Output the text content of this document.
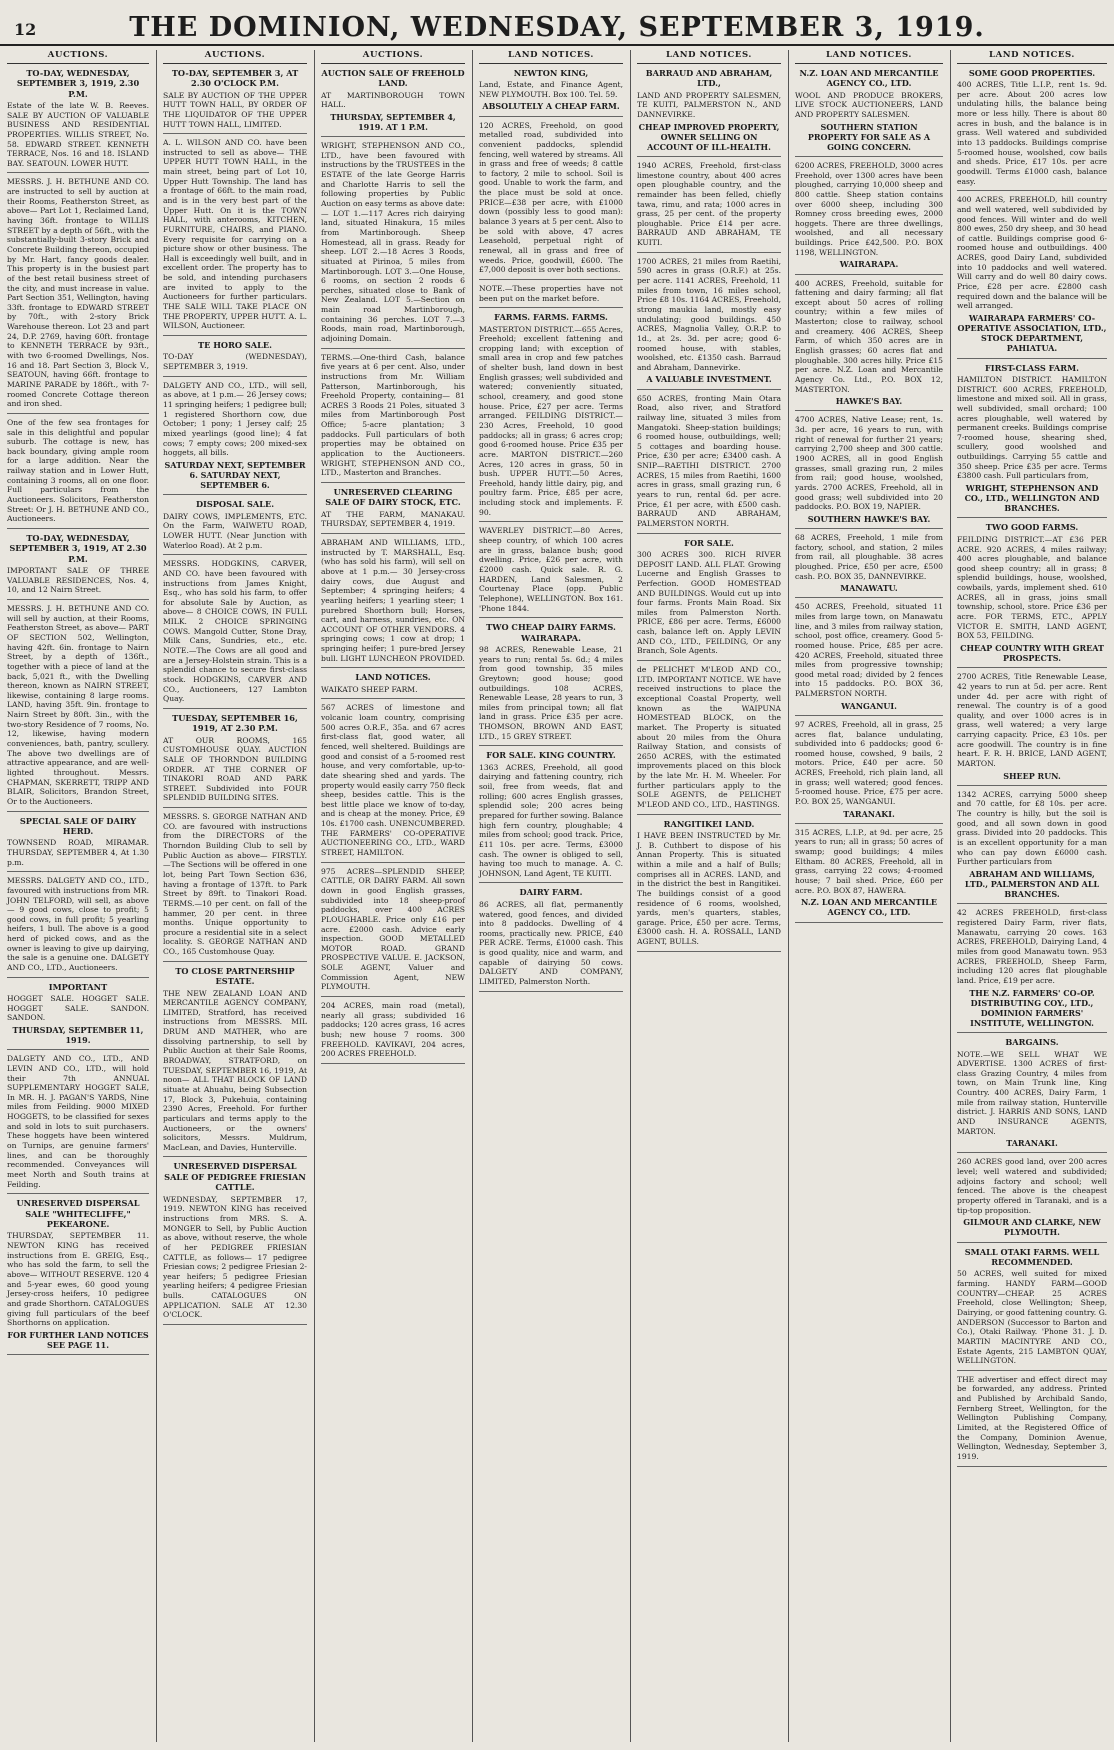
12	THE DOMINION, WEDNESDAY, SEPTEMBER 3, 1919.
AUCTIONS.
TO-DAY, WEDNESDAY, SEPTEMBER 3, 1919, 2.30 P.M.
Estate of the late W. B. Reeves. SALE BY AUCTION OF VALUABLE BUSINESS AND RESIDENTIAL PROPERTIES. WILLIS STREET, No. 58. EDWARD STREET. KENNETH TERRACE, Nos. 16 and 18. ISLAND BAY. SEATOUN. LOWER HUTT.
MESSRS. J. H. BETHUNE AND CO. are instructed to sell by auction at their Rooms, Featherston Street, as above— Part Lot 1, Reclaimed Land, having 36ft. frontage to WILLIS STREET by a depth of 56ft., with the substantially-built 3-story Brick and Concrete Building thereon, occupied by Mr. Hart, fancy goods dealer. This property is in the busiest part of the best retail business street of the city, and must increase in value. Part Section 351, Wellington, having 33ft. frontage to EDWARD STREET by 70ft., with 2-story Brick Warehouse thereon. Lot 23 and part 24, D.P. 2769, having 60ft. frontage to KENNETH TERRACE by 93ft., with two 6-roomed Dwellings, Nos. 16 and 18. Part Section 3, Block V., SEATOUN, having 66ft. frontage to MARINE PARADE by 186ft., with 7-roomed Concrete Cottage thereon and iron shed.
One of the few sea frontages for sale in this delightful and popular suburb. The cottage is new, has back boundary, giving ample room for a large addition. Near the railway station and in Lower Hutt, containing 3 rooms, all on one floor. Full particulars from the Auctioneers. Solicitors, Featherston Street: Or J. H. BETHUNE AND CO., Auctioneers.
TO-DAY, WEDNESDAY, SEPTEMBER 3, 1919, AT 2.30 P.M.
IMPORTANT SALE OF THREE VALUABLE RESIDENCES, Nos. 4, 10, and 12 Nairn Street.
MESSRS. J. H. BETHUNE AND CO. will sell by auction, at their Rooms, Featherston Street, as above— PART OF SECTION 502, Wellington, having 42ft. 6in. frontage to Nairn Street, by a depth of 136ft., together with a piece of land at the back, 5,021 ft., with the Dwelling thereon, known as NAIRN STREET, likewise, containing 8 large rooms. LAND, having 35ft. 9in. frontage to Nairn Street by 80ft. 3in., with the two-story Residence of 7 rooms, No. 12, likewise, having modern conveniences, bath, pantry, scullery. The above two dwellings are of attractive appearance, and are well-lighted throughout. Messrs. CHAPMAN, SKERRETT, TRIPP AND BLAIR, Solicitors, Brandon Street, Or to the Auctioneers.
SPECIAL SALE OF DAIRY HERD.
TOWNSEND ROAD, MIRAMAR. THURSDAY, SEPTEMBER 4, At 1.30 p.m.
MESSRS. DALGETY AND CO., LTD., favoured with instructions from MR. JOHN TELFORD, will sell, as above— 9 good cows, close to profit; 5 good cows, in full profit; 5 yearling heifers, 1 bull. The above is a good herd of picked cows, and as the owner is leaving to give up dairying, the sale is a genuine one. DALGETY AND CO., LTD., Auctioneers.
IMPORTANT
HOGGET SALE. HOGGET SALE. HOGGET SALE. SANDON. SANDON.
THURSDAY, SEPTEMBER 11, 1919.
DALGETY AND CO., LTD., AND LEVIN AND CO., LTD., will hold their 7th ANNUAL SUPPLEMENTARY HOGGET SALE, In MR. H. J. PAGAN'S YARDS, Nine miles from Feilding. 9000 MIXED HOGGETS, to be classified for sexes and sold in lots to suit purchasers. These hoggets have been wintered on Turnips, are genuine farmers' lines, and can be thoroughly recommended. Conveyances will meet North and South trains at Feilding.
UNRESERVED DISPERSAL SALE "WHITECLIFFE," PEKEARONE.
THURSDAY, SEPTEMBER 11. NEWTON KING has received instructions from E. GREIG, Esq., who has sold the farm, to sell the above— WITHOUT RESERVE. 120 4 and 5-year ewes, 60 good young Jersey-cross heifers, 10 pedigree and grade Shorthorn. CATALOGUES giving full particulars of the beef Shorthorns on application.
FOR FURTHER LAND NOTICES SEE PAGE 11.
AUCTIONS.
TO-DAY, SEPTEMBER 3, AT 2.30 O'CLOCK P.M.
SALE BY AUCTION OF THE UPPER HUTT TOWN HALL, BY ORDER OF THE LIQUIDATOR OF THE UPPER HUTT TOWN HALL, LIMITED.
A. L. WILSON AND CO. have been instructed to sell as above— THE UPPER HUTT TOWN HALL, in the main street, being part of Lot 10, Upper Hutt Township. The land has a frontage of 66ft. to the main road, and is in the very best part of the Upper Hutt. On it is the TOWN HALL, with anterooms, KITCHEN, FURNITURE, CHAIRS, and PIANO. Every requisite for carrying on a picture show or other business. The Hall is exceedingly well built, and in excellent order. The property has to be sold, and intending purchasers are invited to apply to the Auctioneers for further particulars. THE SALE WILL TAKE PLACE ON THE PROPERTY, UPPER HUTT. A. L. WILSON, Auctioneer.
TE HORO SALE.
TO-DAY (WEDNESDAY), SEPTEMBER 3, 1919.
DALGETY AND CO., LTD., will sell, as above, at 1 p.m.— 26 Jersey cows; 11 springing heifers; 1 pedigree bull; 1 registered Shorthorn cow, due October; 1 pony; 1 Jersey calf; 25 mixed yearlings (good line); 4 fat cows; 7 empty cows; 200 mixed-sex hoggets, all bills.
SATURDAY NEXT, SEPTEMBER 6. SATURDAY NEXT, SEPTEMBER 6.
DISPOSAL SALE.
DAIRY COWS, IMPLEMENTS, ETC. On the Farm, WAIWETU ROAD, LOWER HUTT. (Near Junction with Waterloo Road). At 2 p.m.
MESSRS. HODGKINS, CARVER, AND CO. have been favoured with instructions from James Knight, Esq., who has sold his farm, to offer for absolute Sale by Auction, as above— 8 CHOICE COWS, IN FULL MILK. 2 CHOICE SPRINGING COWS. Mangold Cutter, Stone Dray, Milk Cans, Sundries, etc., etc. NOTE.—The Cows are all good and are a Jersey-Holstein strain. This is a splendid chance to secure first-class stock. HODGKINS, CARVER AND CO., Auctioneers, 127 Lambton Quay.
TUESDAY, SEPTEMBER 16, 1919, AT 2.30 P.M.
AT OUR ROOMS, 165 CUSTOMHOUSE QUAY. AUCTION SALE OF THORNDON BUILDING ORDER. AT THE CORNER OF TINAKORI ROAD AND PARK STREET. Subdivided into FOUR SPLENDID BUILDING SITES.
MESSRS. S. GEORGE NATHAN AND CO. are favoured with instructions from the DIRECTORS of the Thorndon Building Club to sell by Public Auction as above— FIRSTLY.—The Sections will be offered in one lot, being Part Town Section 636, having a frontage of 137ft. to Park Street by 89ft. to Tinakori Road. TERMS.—10 per cent. on fall of the hammer, 20 per cent. in three months. Unique opportunity to procure a residential site in a select locality. S. GEORGE NATHAN AND CO., 165 Customhouse Quay.
TO CLOSE PARTNERSHIP ESTATE.
THE NEW ZEALAND LOAN AND MERCANTILE AGENCY COMPANY, LIMITED, Stratford, has received instructions from MESSRS. MIL DRUM AND MATHER, who are dissolving partnership, to sell by Public Auction at their Sale Rooms, BROADWAY, STRATFORD, on TUESDAY, SEPTEMBER 16, 1919, At noon— ALL THAT BLOCK OF LAND situate at Ahuahu, being Subsection 17, Block 3, Pukehuia, containing 2390 Acres, Freehold. For further particulars and terms apply to the Auctioneers, or the owners' solicitors, Messrs. Muldrum, MacLean, and Davies, Hunterville.
UNRESERVED DISPERSAL SALE OF PEDIGREE FRIESIAN CATTLE.
WEDNESDAY, SEPTEMBER 17, 1919. NEWTON KING has received instructions from MRS. S. A. MONGER to Sell, by Public Auction as above, without reserve, the whole of her PEDIGREE FRIESIAN CATTLE, as follows— 17 pedigree Friesian cows; 2 pedigree Friesian 2-year heifers; 5 pedigree Friesian yearling heifers; 4 pedigree Friesian bulls. CATALOGUES ON APPLICATION. SALE AT 12.30 O'CLOCK.
AUCTIONS.
AUCTION SALE OF FREEHOLD LAND.
AT MARTINBOROUGH TOWN HALL.
THURSDAY, SEPTEMBER 4, 1919. AT 1 P.M.
WRIGHT, STEPHENSON AND CO., LTD., have been favoured with instructions by the TRUSTEES in the ESTATE of the late George Harris and Charlotte Harris to sell the following properties by Public Auction on easy terms as above date:— LOT 1.—117 Acres rich dairying land, situated Hinakura, 15 miles from Martinborough. Sheep Homestead, all in grass. Ready for sheep. LOT 2.—18 Acres 3 Roods, situated at Pirinoa, 5 miles from Martinborough. LOT 3.—One House, 6 rooms, on section 2 roods 6 perches, situated close to Bank of New Zealand. LOT 5.—Section on main road Martinborough, containing 36 perches. LOT 7.—3 Roods, main road, Martinborough, adjoining Domain.
TERMS.—One-third Cash, balance five years at 6 per cent. Also, under instructions from Mr. William Patterson, Martinborough, his Freehold Property, containing— 81 ACRES 3 Roods 21 Poles, situated 3 miles from Martinborough Post Office; 5-acre plantation; 3 paddocks. Full particulars of both properties may be obtained on application to the Auctioneers. WRIGHT, STEPHENSON AND CO., LTD., Masterton and Branches.
UNRESERVED CLEARING SALE OF DAIRY STOCK, ETC.
AT THE FARM, MANAKAU. THURSDAY, SEPTEMBER 4, 1919.
ABRAHAM AND WILLIAMS, LTD., instructed by T. MARSHALL, Esq. (who has sold his farm), will sell on above at 1 p.m.— 30 Jersey-cross dairy cows, due August and September; 4 springing heifers; 4 yearling heifers; 1 yearling steer; 1 purebred Shorthorn bull; Horses, cart, and harness, sundries, etc. ON ACCOUNT OF OTHER VENDORS. 4 springing cows; 1 cow at drop; 1 springing heifer; 1 pure-bred Jersey bull. LIGHT LUNCHEON PROVIDED.
LAND NOTICES.
WAIKATO SHEEP FARM.
567 ACRES of limestone and volcanic loam country, comprising 500 acres O.R.F., 35a. and 67 acres first-class flat, good water, all fenced, well sheltered. Buildings are good and consist of a 5-roomed rest house, and very comfortable, up-to-date shearing shed and yards. The property would easily carry 750 fleck sheep, besides cattle. This is the best little place we know of to-day, and is cheap at the money. Price, £9 10s. £1700 cash. UNENCUMBERED. THE FARMERS' CO-OPERATIVE AUCTIONEERING CO., LTD., WARD STREET, HAMILTON.
975 ACRES—SPLENDID SHEEP, CATTLE, OR DAIRY FARM. All sown down in good English grasses, subdivided into 18 sheep-proof paddocks, over 400 ACRES PLOUGHABLE. Price only £16 per acre. £2000 cash. Advice early inspection. GOOD METALLED MOTOR ROAD. GRAND PROSPECTIVE VALUE. E. JACKSON, SOLE AGENT, Valuer and Commission Agent, NEW PLYMOUTH.
204 ACRES, main road (metal), nearly all grass; subdivided 16 paddocks; 120 acres grass, 16 acres bush; new house 7 rooms. 300 FREEHOLD. KAVIKAVI, 204 acres, 200 ACRES FREEHOLD.
LAND NOTICES.
NEWTON KING,
Land, Estate, and Finance Agent, NEW PLYMOUTH. Box 100. Tel. 59.
ABSOLUTELY A CHEAP FARM.
120 ACRES, Freehold, on good metalled road, subdivided into convenient paddocks, splendid fencing, well watered by streams. All in grass and free of weeds; 8 cattle to factory, 2 mile to school. Soil is good. Unable to work the farm, and the place must be sold at once. PRICE—£38 per acre, with £1000 down (possibly less to good man): balance 3 years at 5 per cent. Also to be sold with above, 47 acres Leasehold, perpetual right of renewal, all in grass and free of weeds. Price, goodwill, £600. The £7,000 deposit is over both sections.
NOTE.—These properties have not been put on the market before.
FARMS. FARMS. FARMS.
MASTERTON DISTRICT.—655 Acres, Freehold; excellent fattening and cropping land; with exception of small area in crop and few patches of shelter bush, land down in best English grasses; well subdivided and watered; conveniently situated, school, creamery, and good stone house. Price, £27 per acre. Terms arranged. FEILDING DISTRICT.—230 Acres, Freehold, 10 good paddocks; all in grass; 6 acres crop; good 6-roomed house. Price £35 per acre. MARTON DISTRICT.—260 Acres, 120 acres in grass, 50 in bush. UPPER HUTT.—50 Acres, Freehold, handy little dairy, pig, and poultry farm. Price, £85 per acre, including stock and implements. F. 90.
WAVERLEY DISTRICT.—80 Acres, sheep country, of which 100 acres are in grass, balance bush; good dwelling. Price, £26 per acre, with £2000 cash. Quick sale. R. G. HARDEN, Land Salesmen, 2 Courtenay Place (opp. Public Telephone), WELLINGTON. Box 161. 'Phone 1844.
TWO CHEAP DAIRY FARMS. WAIRARAPA.
98 ACRES, Renewable Lease, 21 years to run; rental 5s. 6d.; 4 miles from good township, 35 miles Greytown; good house; good outbuildings. 108 ACRES, Renewable Lease, 28 years to run, 3 miles from principal town; all flat land in grass. Price £35 per acre. THOMSON, BROWN AND EAST, LTD., 15 GREY STREET.
FOR SALE. KING COUNTRY.
1363 ACRES, Freehold, all good dairying and fattening country, rich soil, free from weeds, flat and rolling; 600 acres English grasses, splendid sole; 200 acres being prepared for further sowing. Balance high fern country, ploughable; 4 miles from school; good track. Price, £11 10s. per acre. Terms, £3000 cash. The owner is obliged to sell, having too much to manage. A. C. JOHNSON, Land Agent, TE KUITI.
DAIRY FARM.
86 ACRES, all flat, permanently watered, good fences, and divided into 8 paddocks. Dwelling of 4 rooms, practically new. PRICE, £40 PER ACRE. Terms, £1000 cash. This is good quality, nice and warm, and capable of dairying 50 cows. DALGETY AND COMPANY, LIMITED, Palmerston North.
LAND NOTICES.
BARRAUD AND ABRAHAM, LTD.,
LAND AND PROPERTY SALESMEN, TE KUITI, PALMERSTON N., AND DANNEVIRKE.
CHEAP IMPROVED PROPERTY, OWNER SELLING ON ACCOUNT OF ILL-HEALTH.
1940 ACRES, Freehold, first-class limestone country, about 400 acres open ploughable country, and the remainder has been felled, chiefly tawa, rimu, and rata; 1000 acres in grass, 25 per cent. of the property ploughable. Price £14 per acre. BARRAUD AND ABRAHAM, TE KUITI.
1700 ACRES, 21 miles from Raetihi, 590 acres in grass (O.R.F.) at 25s. per acre. 1141 ACRES, Freehold, 11 miles from town, 16 miles school, Price £8 10s. 1164 ACRES, Freehold, strong maukia land, mostly easy undulating; good buildings. 450 ACRES, Magnolia Valley, O.R.P. to 1d., at 2s. 3d. per acre; good 6-roomed house, with stables, woolshed, etc. £1350 cash. Barraud and Abraham, Dannevirke.
A VALUABLE INVESTMENT.
650 ACRES, fronting Main Otara Road, also river, and Stratford railway line, situated 3 miles from Mangatoki. Sheep-station buildings; 6 roomed house, outbuildings, well; 5 cottages and boarding house. Price, £30 per acre; £3400 cash. A SNIP—RAETIHI DISTRICT. 2700 ACRES, 15 miles from Raetihi, 1600 acres in grass, small grazing run, 6 years to run, rental 6d. per acre. Price, £1 per acre, with £500 cash. BARRAUD AND ABRAHAM, PALMERSTON NORTH.
FOR SALE.
300 ACRES 300. RICH RIVER DEPOSIT LAND. ALL FLAT. Growing Lucerne and English Grasses to Perfection. GOOD HOMESTEAD AND BUILDINGS. Would cut up into four farms. Fronts Main Road. Six miles from Palmerston North. PRICE, £86 per acre. Terms, £6000 cash, balance left on. Apply LEVIN AND CO., LTD., FEILDING, Or any Branch, Sole Agents.
de PELICHET M'LEOD AND CO., LTD. IMPORTANT NOTICE. WE have received instructions to place the exceptional Coastal Property, well known as the WAIPUNA HOMESTEAD BLOCK, on the market. The Property is situated about 20 miles from the Ohura Railway Station, and consists of 2650 ACRES, with the estimated improvements placed on this block by the late Mr. H. M. Wheeler. For further particulars apply to the SOLE AGENTS, de PELICHET M'LEOD AND CO., LTD., HASTINGS.
RANGITIKEI LAND.
I HAVE BEEN INSTRUCTED by Mr. J. B. Cuthbert to dispose of his Annan Property. This is situated within a mile and a half of Bulls; comprises all in ACRES. LAND, and in the district the best in Rangitikei. The buildings consist of a good residence of 6 rooms, woolshed, yards, men's quarters, stables, garage. Price, £50 per acre. Terms, £3000 cash. H. A. ROSSALL, LAND AGENT, BULLS.
LAND NOTICES.
N.Z. LOAN AND MERCANTILE AGENCY CO., LTD.
WOOL AND PRODUCE BROKERS, LIVE STOCK AUCTIONEERS, LAND AND PROPERTY SALESMEN.
SOUTHERN STATION PROPERTY FOR SALE AS A GOING CONCERN.
6200 ACRES, FREEHOLD, 3000 acres Freehold, over 1300 acres have been ploughed, carrying 10,000 sheep and 800 cattle. Sheep station contains over 6000 sheep, including 300 Romney cross breeding ewes, 2000 hoggets. There are three dwellings, woolshed, and all necessary buildings. Price £42,500. P.O. BOX 1198, WELLINGTON.
WAIRARAPA.
400 ACRES, Freehold, suitable for fattening and dairy farming; all flat except about 50 acres of rolling country; within a few miles of Masterton; close to railway, school and creamery. 406 ACRES, Sheep Farm, of which 350 acres are in English grasses; 60 acres flat and ploughable. 300 acres hilly. Price £15 per acre. N.Z. Loan and Mercantile Agency Co. Ltd., P.O. BOX 12, MASTERTON.
HAWKE'S BAY.
4700 ACRES, Native Lease; rent, 1s. 3d. per acre, 16 years to run, with right of renewal for further 21 years; carrying 2,700 sheep and 300 cattle. 1900 ACRES, all in good English grasses, small grazing run, 2 miles from rail; good house, woolshed, yards. 2700 ACRES, Freehold, all in good grass; well subdivided into 20 paddocks. P.O. BOX 19, NAPIER.
SOUTHERN HAWKE'S BAY.
68 ACRES, Freehold, 1 mile from factory, school, and station, 2 miles from rail, all ploughable. 38 acres ploughed. Price, £50 per acre, £500 cash. P.O. BOX 35, DANNEVIRKE.
MANAWATU.
450 ACRES, Freehold, situated 11 miles from large town, on Manawatu line, and 3 miles from railway station, school, post office, creamery. Good 5-roomed house. Price, £85 per acre. 420 ACRES, Freehold, situated three miles from progressive township; good metal road; divided by 2 fences into 15 paddocks. P.O. BOX 36, PALMERSTON NORTH.
WANGANUI.
97 ACRES, Freehold, all in grass, 25 acres flat, balance undulating, subdivided into 6 paddocks; good 6-roomed house, cowshed, 9 bails, 2 motors. Price, £40 per acre. 50 ACRES, Freehold, rich plain land, all in grass; well watered; good fences. 5-roomed house. Price, £75 per acre. P.O. BOX 25, WANGANUI.
TARANAKI.
315 ACRES, L.I.P., at 9d. per acre, 25 years to run; all in grass; 50 acres of swamp; good buildings; 4 miles Eltham. 80 ACRES, Freehold, all in grass, carrying 22 cows; 4-roomed house; 7 bail shed. Price, £60 per acre. P.O. BOX 87, HAWERA.
N.Z. LOAN AND MERCANTILE AGENCY CO., LTD.
LAND NOTICES.
SOME GOOD PROPERTIES.
400 ACRES, Title L.I.P., rent 1s. 9d. per acre. About 200 acres low undulating hills, the balance being more or less hilly. There is about 80 acres in bush, and the balance is in grass. Well watered and subdivided into 13 paddocks. Buildings comprise 5-roomed house, woolshed, cow bails and sheds. Price, £17 10s. per acre goodwill. Terms £1000 cash, balance easy.
400 ACRES, FREEHOLD, hill country and well watered, well subdivided by good fences. Will winter and do well 800 ewes, 250 dry sheep, and 30 head of cattle. Buildings comprise good 6-roomed house and outbuildings. 400 ACRES, good Dairy Land, subdivided into 10 paddocks and well watered. Will carry and do well 80 dairy cows. Price, £28 per acre. £2800 cash required down and the balance will be well arranged.
WAIRARAPA FARMERS' CO-OPERATIVE ASSOCIATION, LTD., STOCK DEPARTMENT, PAHIATUA.
FIRST-CLASS FARM.
HAMILTON DISTRICT. HAMILTON DISTRICT. 600 ACRES, FREEHOLD, limestone and mixed soil. All in grass, well subdivided, small orchard; 100 acres ploughable, well watered by permanent creeks. Buildings comprise 7-roomed house, shearing shed, scullery, good woolshed and outbuildings. Carrying 55 cattle and 350 sheep. Price £35 per acre. Terms £3800 cash. Full particulars from,
WRIGHT, STEPHENSON AND CO., LTD., WELLINGTON AND BRANCHES.
TWO GOOD FARMS.
FEILDING DISTRICT.—AT £36 PER ACRE. 920 ACRES, 4 miles railway; 400 acres ploughable, and balance good sheep country; all in grass; 8 splendid buildings, house, woolshed, cowbails, yards, implement shed. 610 ACRES, all in grass, joins small township, school, store. Price £36 per acre. FOR TERMS, ETC., APPLY VICTOR E. SMITH, LAND AGENT, BOX 53, FEILDING.
CHEAP COUNTRY WITH GREAT PROSPECTS.
2700 ACRES, Title Renewable Lease, 42 years to run at 5d. per acre. Rent under 4d. per acre with right of renewal. The country is of a good quality, and over 1000 acres is in grass, well watered; a very large carrying capacity. Price, £3 10s. per acre goodwill. The country is in fine heart. F. R. H. BRICE, LAND AGENT, MARTON.
SHEEP RUN.
1342 ACRES, carrying 5000 sheep and 70 cattle, for £8 10s. per acre. The country is hilly, but the soil is good, and all sown down in good grass. Divided into 20 paddocks. This is an excellent opportunity for a man who can pay down £6000 cash. Further particulars from
ABRAHAM AND WILLIAMS, LTD., PALMERSTON AND ALL BRANCHES.
42 ACRES FREEHOLD, first-class registered Dairy Farm, river flats, Manawatu, carrying 20 cows. 163 ACRES, FREEHOLD, Dairying Land, 4 miles from good Manawatu town. 953 ACRES, FREEHOLD, Sheep Farm, including 120 acres flat ploughable land. Price, £19 per acre.
THE N.Z. FARMERS' CO-OP. DISTRIBUTING COY., LTD., DOMINION FARMERS' INSTITUTE, WELLINGTON.
BARGAINS.
NOTE.—WE SELL WHAT WE ADVERTISE. 1300 ACRES of first-class Grazing Country, 4 miles from town, on Main Trunk line, King Country. 400 ACRES, Dairy Farm, 1 mile from railway station, Hunterville district. J. HARRIS AND SONS, LAND AND INSURANCE AGENTS, MARTON.
TARANAKI.
260 ACRES good land, over 200 acres level; well watered and subdivided; adjoins factory and school; well fenced. The above is the cheapest property offered in Taranaki, and is a tip-top proposition.
GILMOUR AND CLARKE, NEW PLYMOUTH.
SMALL OTAKI FARMS. WELL RECOMMENDED.
50 ACRES, well suited for mixed farming. HANDY FARM—GOOD COUNTRY—CHEAP. 25 ACRES Freehold, close Wellington; Sheep, Dairying, or good fattening country. G. ANDERSON (Successor to Barton and Co.), Otaki Railway. 'Phone 31. J. D. MARTIN MACINTYRE AND CO., Estate Agents, 215 LAMBTON QUAY, WELLINGTON.
THE advertiser and effect direct may be forwarded, any address. Printed and Published by Archibald Sando, Fernberg Street, Wellington, for the Wellington Publishing Company, Limited, at the Registered Office of the Company, Dominion Avenue, Wellington, Wednesday, September 3, 1919.
